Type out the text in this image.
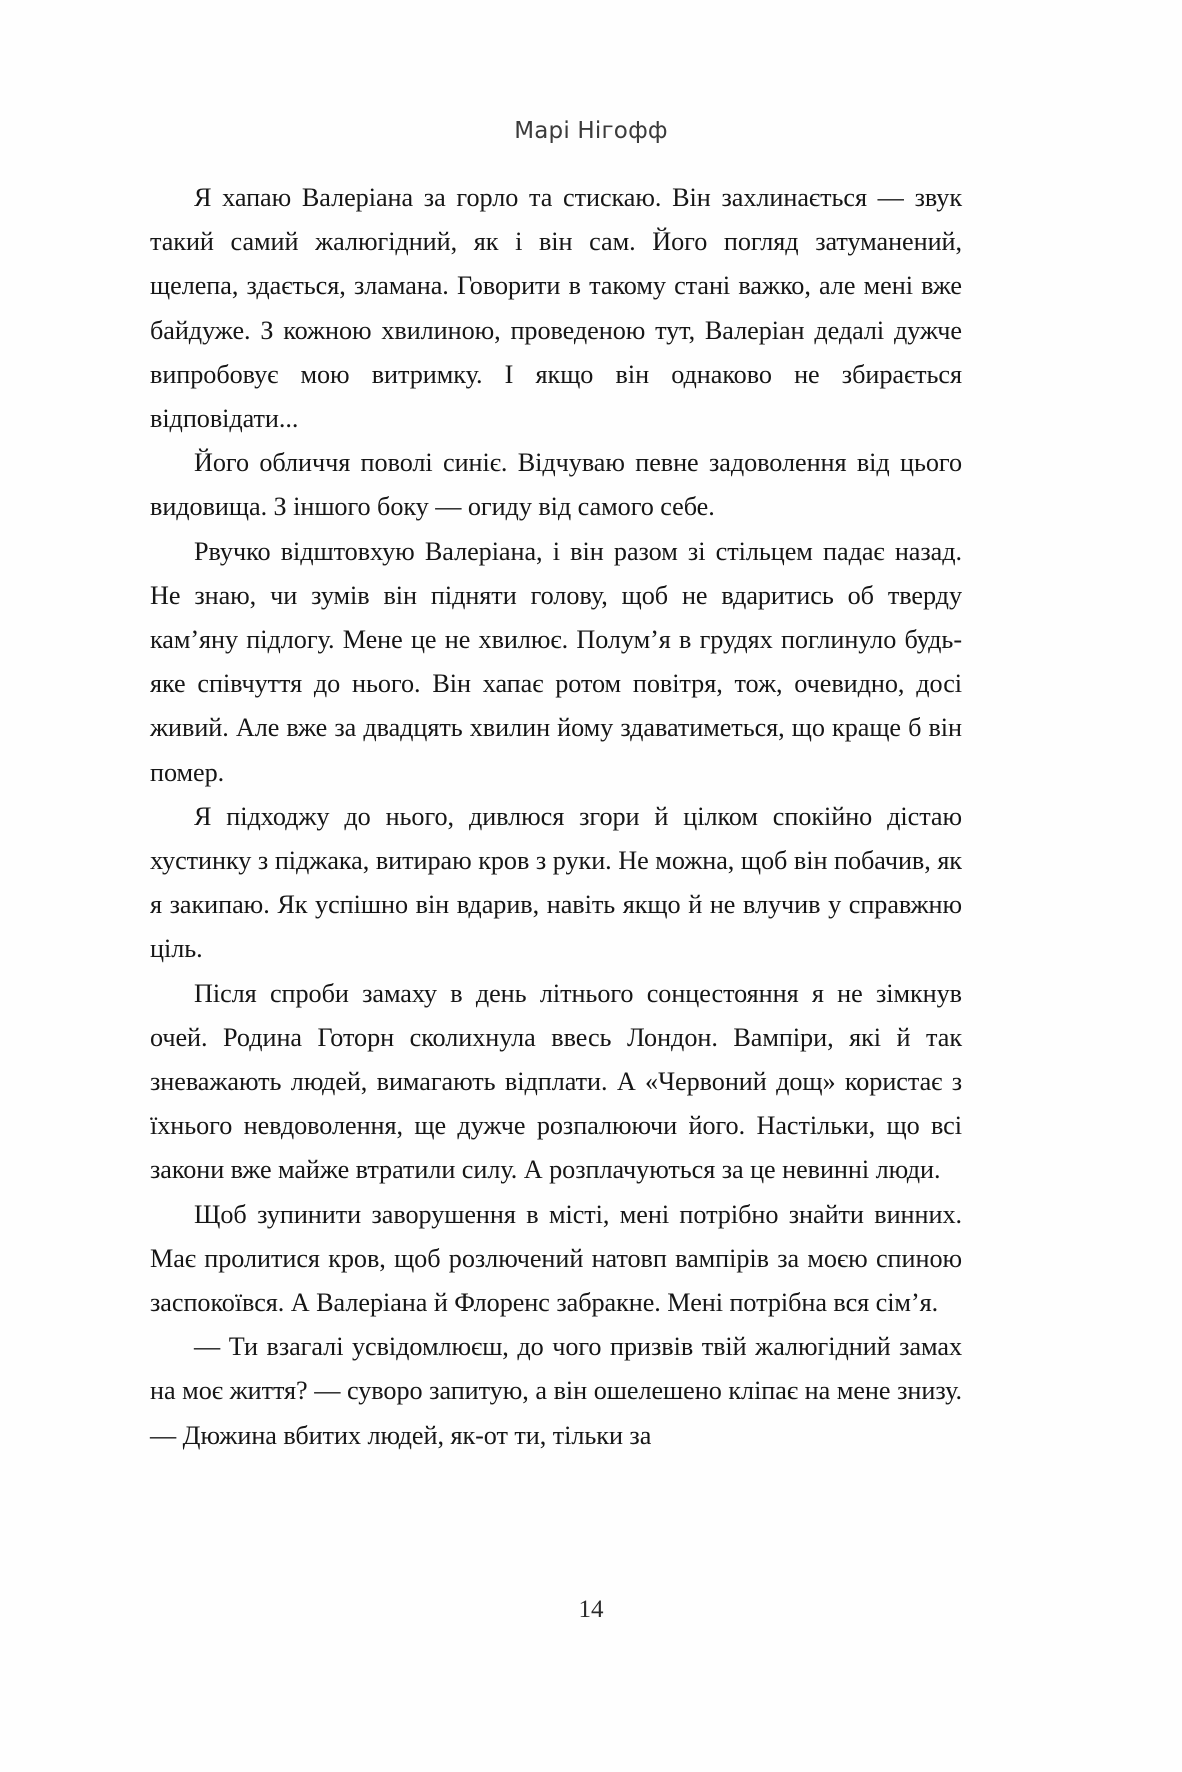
Марі Нігофф

Я хапаю Валеріана за горло та стискаю. Він захлинається — звук такий самий жалюгідний, як і він сам. Його погляд затуманений, щелепа, здається, зламана. Говорити в такому стані важко, але мені вже байдуже. З кожною хвилиною, проведеною тут, Валеріан дедалі дужче випробовує мою витримку. І якщо він однаково не збирається відповідати...

Його обличчя поволі синіє. Відчуваю певне задоволення від цього видовища. З іншого боку — огиду від самого себе.

Рвучко відштовхую Валеріана, і він разом зі стільцем падає назад. Не знаю, чи зумів він підняти голову, щоб не вдаритись об тверду кам’яну підлогу. Мене це не хвилює. Полум’я в грудях поглинуло будь-яке співчуття до нього. Він хапає ротом повітря, тож, очевидно, досі живий. Але вже за двадцять хвилин йому здаватиметься, що краще б він помер.

Я підходжу до нього, дивлюся згори й цілком спокійно дістаю хустинку з піджака, витираю кров з руки. Не можна, щоб він побачив, як я закипаю. Як успішно він вдарив, навіть якщо й не влучив у справжню ціль.

Після спроби замаху в день літнього сонцестояння я не зімкнув очей. Родина Готорн сколихнула ввесь Лондон. Вампіри, які й так зневажають людей, вимагають відплати. А «Червоний дощ» користає з їхнього невдоволення, ще дужче розпалюючи його. Настільки, що всі закони вже майже втратили силу. А розплачуються за це невинні люди.

Щоб зупинити заворушення в місті, мені потрібно знайти винних. Має пролитися кров, щоб розлючений натовп вампірів за моєю спиною заспокоївся. А Валеріана й Флоренс забракне. Мені потрібна вся сім’я.

— Ти взагалі усвідомлюєш, до чого призвів твій жалюгідний замах на моє життя? — суворо запитую, а він ошелешено кліпає на мене знизу. — Дюжина вбитих людей, як-от ти, тільки за

14
